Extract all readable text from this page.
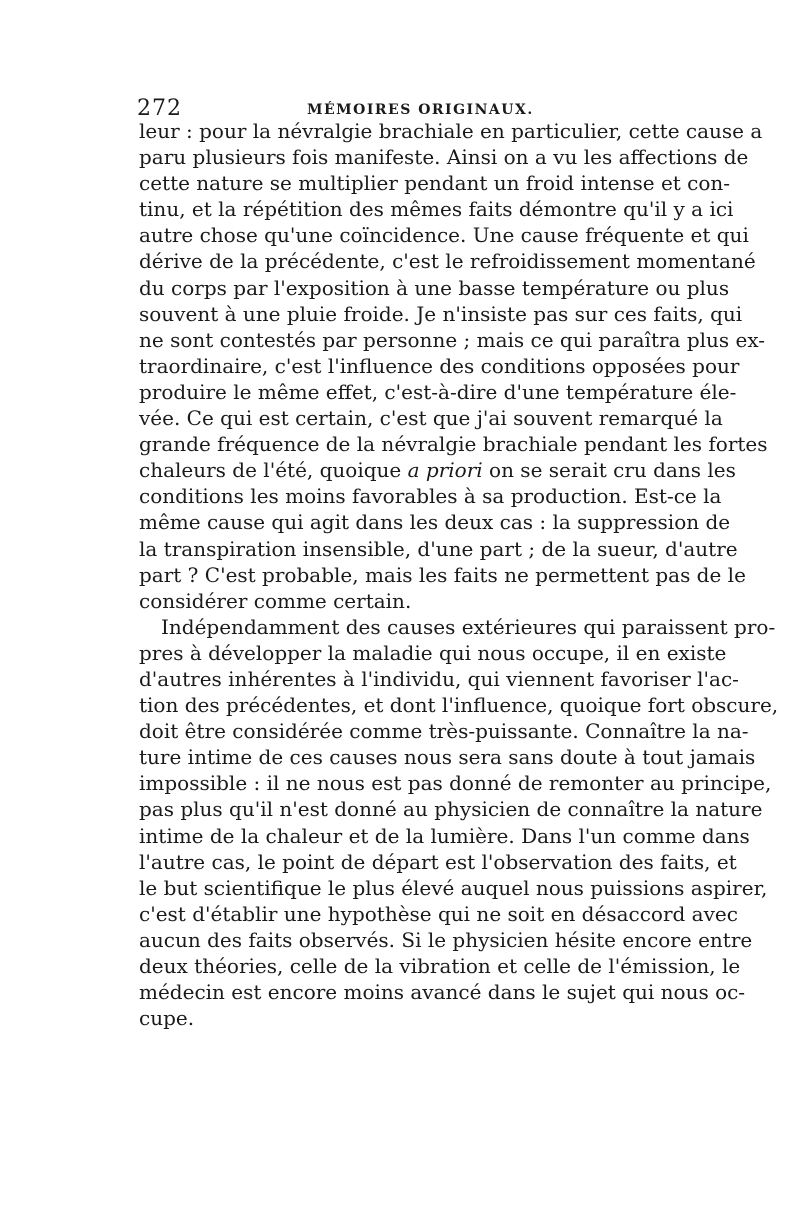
272	MÉMOIRES ORIGINAUX.
leur : pour la névralgie brachiale en particulier, cette cause a
paru plusieurs fois manifeste. Ainsi on a vu les affections de
cette nature se multiplier pendant un froid intense et con-
tinu, et la répétition des mêmes faits démontre qu'il y a ici
autre chose qu'une coïncidence. Une cause fréquente et qui
dérive de la précédente, c'est le refroidissement momentané
du corps par l'exposition à une basse température ou plus
souvent à une pluie froide. Je n'insiste pas sur ces faits, qui
ne sont contestés par personne ; mais ce qui paraîtra plus ex-
traordinaire, c'est l'influence des conditions opposées pour
produire le même effet, c'est-à-dire d'une température éle-
vée. Ce qui est certain, c'est que j'ai souvent remarqué la
grande fréquence de la névralgie brachiale pendant les fortes
chaleurs de l'été, quoique a priori on se serait cru dans les
conditions les moins favorables à sa production. Est-ce la
même cause qui agit dans les deux cas : la suppression de
la transpiration insensible, d'une part ; de la sueur, d'autre
part ? C'est probable, mais les faits ne permettent pas de le
considérer comme certain.
Indépendamment des causes extérieures qui paraissent pro-
pres à développer la maladie qui nous occupe, il en existe
d'autres inhérentes à l'individu, qui viennent favoriser l'ac-
tion des précédentes, et dont l'influence, quoique fort obscure,
doit être considérée comme très-puissante. Connaître la na-
ture intime de ces causes nous sera sans doute à tout jamais
impossible : il ne nous est pas donné de remonter au principe,
pas plus qu'il n'est donné au physicien de connaître la nature
intime de la chaleur et de la lumière. Dans l'un comme dans
l'autre cas, le point de départ est l'observation des faits, et
le but scientifique le plus élevé auquel nous puissions aspirer,
c'est d'établir une hypothèse qui ne soit en désaccord avec
aucun des faits observés. Si le physicien hésite encore entre
deux théories, celle de la vibration et celle de l'émission, le
médecin est encore moins avancé dans le sujet qui nous oc-
cupe.
